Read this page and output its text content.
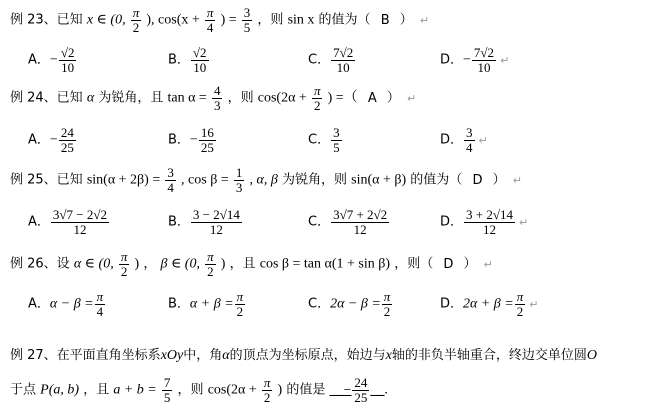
例 23、已知 x ∈ (0, $\frac{\pi}{2}$ ), $\cos(x + \frac{\pi}{4}$ ) = $\frac{3}{5}$ ，则 sin x 的值为（ B ） ↵
A．− $\frac{√2}{10}$	B． $\frac{√2}{10}$	C． $\frac{7√2}{10}$	D．− $\frac{7√2}{10}$ ↵
例 24、已知 α 为锐角，且 $\tan \alpha = \frac{4}{3}$ ，则 $\cos(2\alpha + \frac{\pi}{2}$ ) =（ A ） ↵
A．− $\frac{24}{25}$	B．− $\frac{16}{25}$	C． $\frac{3}{5}$	D． $\frac{3}{4}$ ↵
例 25、已知 $\sin(\alpha + 2\beta) = \frac{3}{4}$ , $\cos \beta = \frac{1}{3}$ , α, β 为锐角，则 sin(α + β) 的值为（ D ） ↵
A． $\frac{3√7 - 2√2}{12}$	B． $\frac{3 - 2√14}{12}$	C． $\frac{3√7 + 2√2}{12}$	D． $\frac{3 + 2√14}{12}$ ↵
例 26、设 α ∈ (0, $\frac{\pi}{2}$ ) ， β ∈ (0, $\frac{\pi}{2}$ ) ，且 cos β = tan α(1 + sin β) ，则（ D ） ↵
A．$\alpha - \beta = \frac{\pi}{4}$	B．$\alpha + \beta = \frac{\pi}{2}$	C．$2\alpha - \beta = \frac{\pi}{2}$	D．$2\alpha + \beta = \frac{\pi}{2}$ ↵
例 27、在平面直角坐标系xOy中，角α的顶点为坐标原点，始边与x轴的非负半轴重合，终边交单位圆O
于点 P(a, b) ，且 $a + b = \frac{7}{5}$ ，则 $\cos(2\alpha + \frac{\pi}{2}$ ) 的值是 __− $\frac{24}{25}$ __.
